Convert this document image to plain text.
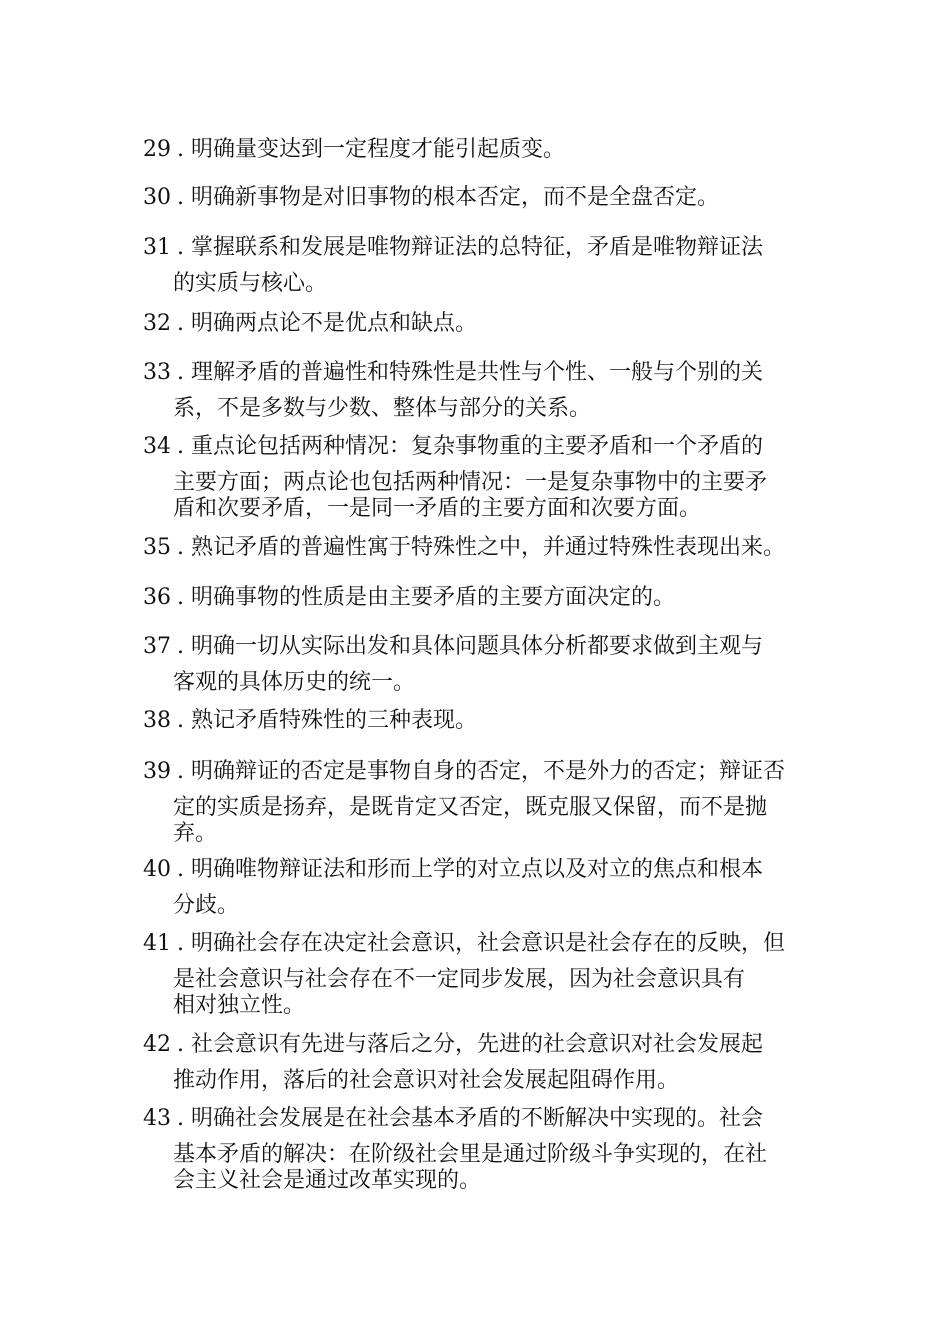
29 . 明确量变达到一定程度才能引起质变。
30 . 明确新事物是对旧事物的根本否定，而不是全盘否定。
31 . 掌握联系和发展是唯物辩证法的总特征，矛盾是唯物辩证法
的实质与核心。
32 . 明确两点论不是优点和缺点。
33 . 理解矛盾的普遍性和特殊性是共性与个性、一般与个别的关
系，不是多数与少数、整体与部分的关系。
34 . 重点论包括两种情况：复杂事物重的主要矛盾和一个矛盾的
主要方面；两点论也包括两种情况：一是复杂事物中的主要矛
盾和次要矛盾，一是同一矛盾的主要方面和次要方面。
35 . 熟记矛盾的普遍性寓于特殊性之中，并通过特殊性表现出来。
36 . 明确事物的性质是由主要矛盾的主要方面决定的。
37 . 明确一切从实际出发和具体问题具体分析都要求做到主观与
客观的具体历史的统一。
38 . 熟记矛盾特殊性的三种表现。
39 . 明确辩证的否定是事物自身的否定，不是外力的否定；辩证否
定的实质是扬弃，是既肯定又否定，既克服又保留，而不是抛
弃。
40 . 明确唯物辩证法和形而上学的对立点以及对立的焦点和根本
分歧。
41 . 明确社会存在决定社会意识，社会意识是社会存在的反映，但
是社会意识与社会存在不一定同步发展，因为社会意识具有
相对独立性。
42 . 社会意识有先进与落后之分，先进的社会意识对社会发展起
推动作用，落后的社会意识对社会发展起阻碍作用。
43 . 明确社会发展是在社会基本矛盾的不断解决中实现的。社会
基本矛盾的解决：在阶级社会里是通过阶级斗争实现的，在社
会主义社会是通过改革实现的。
